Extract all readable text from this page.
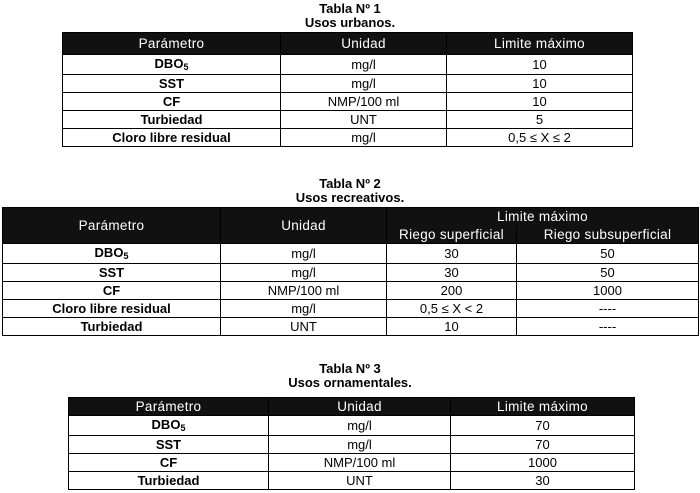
Tabla Nº 1
Usos urbanos.
Parámetro	Unidad	Limite máximo
$DBO_5$	mg/l	10
SST	mg/l	10
CF	NMP/100 ml	10
Turbiedad	UNT	5
Cloro libre residual	mg/l	0,5 ≤ X ≤ 2
Tabla Nº 2
Usos recreativos.
Parámetro	Unidad	Limite máximo	
		Riego superficial	Riego subsuperficial
$DBO_5$	mg/l	30	50
SST	mg/l	30	50
CF	NMP/100 ml	200	1000
Cloro libre residual	mg/l	0,5 ≤ X < 2	----
Turbiedad	UNT	10	----
Tabla Nº 3
Usos ornamentales.
Parámetro	Unidad	Limite máximo
$DBO_5$	mg/l	70
SST	mg/l	70
CF	NMP/100 ml	1000
Turbiedad	UNT	30
